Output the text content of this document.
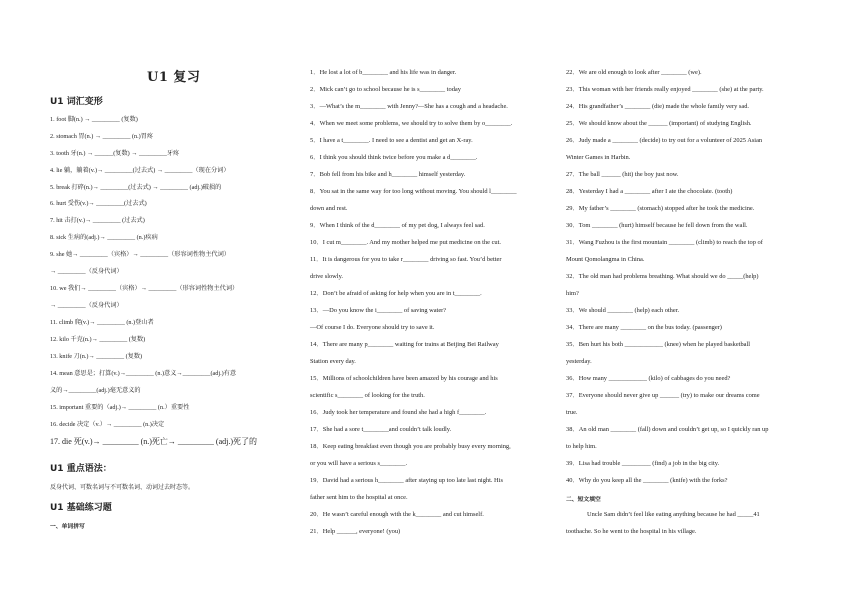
U1 复习
U1 词汇变形
1. foot 脚(n.) → _________ (复数)
2. stomach 胃(n.) → _________ (n.)胃疼
3. tooth 牙(n.) → ______(复数) → _________牙疼
4. lie 躺，躺着(v.)→ _________(过去式) → _________（现在分词）
5. break 打碎(n.)→ _________(过去式) → _________ (adj.)破损的
6. hurt 受伤(v.)→ _________(过去式)
7. hit 击打(v.)→ _________ (过去式)
8. sick 生病的(adj.)→ _________ (n.)疾病
9. she 她→ _________（宾格）→ _________（形容词性物主代词）
→ _________（反身代词）
10. we 我们→ _________（宾格）→ _________（形容词性物主代词）
→ _________（反身代词）
11. climb 爬(v.)→ _________ (n.)登山者
12. kilo 千克(n.)→ _________ (复数)
13. knife 刀(n.)→ _________ (复数)
14. mean 意思是；打算(v.)→_________ (n.)意义→_________(adj.)有意
义的→_________(adj.)毫无意义的
15. important 重要的（adj.)→ _________ (n.）重要性
16. decide 决定（v.）→ _________ (n.)决定
17. die 死(v.)→ _________ (n.)死亡→ _________ (adj.)死了的
U1 重点语法：
反身代词、可数名词与不可数名词、动词过去时态等。
U1 基础练习题
一、单词拼写
1．He lost a lot of b________ and his life was in danger.
2．Mick can’t go to school because he is s________ today
3．—What’s the m________ with Jenny?—She has a cough and a headache.
4．When we meet some problems, we should try to solve them by o________.
5．I have a t________. I need to see a dentist and get an X-ray.
6．I think you should think twice before you make a d________.
7．Bob fell from his bike and h________ himself yesterday.
8．You sat in the same way for too long without moving. You should l________
down and rest.
9．When I think of the d________ of my pet dog, I always feel sad.
10．I cut m________. And my mother helped me put medicine on the cut.
11．It is dangerous for you to take r________ driving so fast. You’d better
drive slowly.
12．Don’t be afraid of asking for help when you are in t________.
13．—Do you know the i________ of saving water?
—Of course I do. Everyone should try to save it.
14．There are many p________ waiting for trains at Beijing Bei Railway
Station every day.
15．Millions of schoolchildren have been amazed by his courage and his
scientific s________ of looking for the truth.
16．Judy took her temperature and found she had a high f________.
17．She had a sore t________and couldn’t talk loudly.
18．Keep eating breakfast even though you are probably busy every morning,
or you will have a serious s________.
19．David had a serious h________ after staying up too late last night. His
father sent him to the hospital at once.
20．He wasn’t careful enough with the k________ and cut himself.
21．Help ______, everyone! (you)
22．We are old enough to look after ________ (we).
23．This woman with her friends really enjoyed ________ (she) at the party.
24．His grandfather’s ________ (die) made the whole family very sad.
25．We should know about the ______ (important) of studying English.
26．Judy made a ________ (decide) to try out for a volunteer of 2025 Asian
Winter Games in Harbin.
27．The ball ______ (hit) the boy just now.
28．Yesterday I had a ________ after I ate the chocolate. (tooth)
29．My father’s ________ (stomach) stopped after he took the medicine.
30．Tom ________ (hurt) himself because he fell down from the wall.
31．Wang Fuzhou is the first mountain ________ (climb) to reach the top of
Mount Qomolangma in China.
32．The old man had problems breathing. What should we do _____(help)
him?
33．We should ________ (help) each other.
34．There are many ________ on the bus today. (passenger)
35．Ben hurt his both ____________ (knee) when he played basketball
yesterday.
36．How many ____________ (kilo) of cabbages do you need?
37．Everyone should never give up ______ (try) to make our dreams come
true.
38．An old man ________ (fall) down and couldn’t get up, so I quickly ran up
to help him.
39．Lisa had trouble _________ (find) a job in the big city.
40．Why do you keep all the ________ (knife) with the forks?
二、短文填空
Uncle Sam didn’t feel like eating anything because he had _____41
toothache. So he went to the hospital in his village.
